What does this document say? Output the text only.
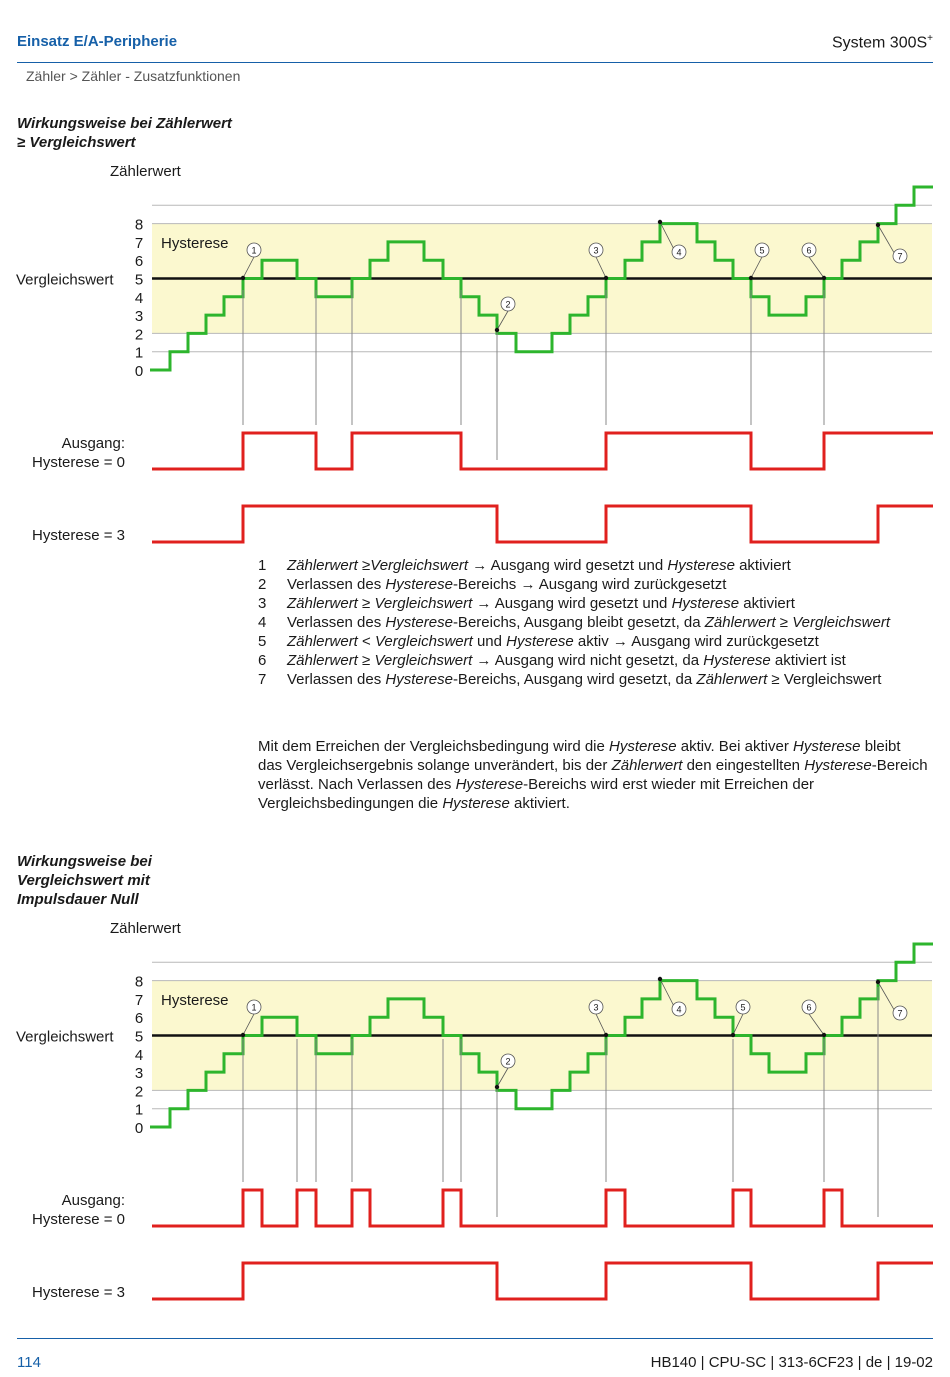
Einsatz E/A-Peripherie	System 300S+
Zähler > Zähler - Zusatzfunktionen
Wirkungsweise bei Zählerwert ≥ Vergleichswert
Zählerwert
Hysterese
Vergleichswert
0
1
2
3
4
5
6
7
8
1
2
3	4	5	6
7
Ausgang:
Hysterese = 0
Hysterese = 3
1	Zählerwert ≥Vergleichswert → Ausgang wird gesetzt und Hysterese aktiviert
2	Verlassen des Hysterese-Bereichs → Ausgang wird zurückgesetzt
3	Zählerwert ≥ Vergleichswert → Ausgang wird gesetzt und Hysterese aktiviert
4	Verlassen des Hysterese-Bereichs, Ausgang bleibt gesetzt, da Zählerwert ≥ Vergleichswert
5	Zählerwert < Vergleichswert und Hysterese aktiv → Ausgang wird zurückgesetzt
6	Zählerwert ≥ Vergleichswert → Ausgang wird nicht gesetzt, da Hysterese aktiviert ist
7	Verlassen des Hysterese-Bereichs, Ausgang wird gesetzt, da Zählerwert ≥ Vergleichswert
Mit dem Erreichen der Vergleichsbedingung wird die Hysterese aktiv. Bei aktiver Hysterese bleibt das Vergleichsergebnis solange unverändert, bis der Zählerwert den eingestellten Hysterese-Bereich verlässt. Nach Verlassen des Hysterese-Bereichs wird erst wieder mit Erreichen der Vergleichsbedingungen die Hysterese aktiviert.
Wirkungsweise bei Vergleichswert mit Impulsdauer Null
Zählerwert
Hysterese
Vergleichswert
0
1
2
3
4
5
6
7
8
1
2
3	4	5	6
7
Ausgang:
Hysterese = 0
Hysterese = 3
114	HB140 | CPU-SC | 313-6CF23 | de | 19-02
